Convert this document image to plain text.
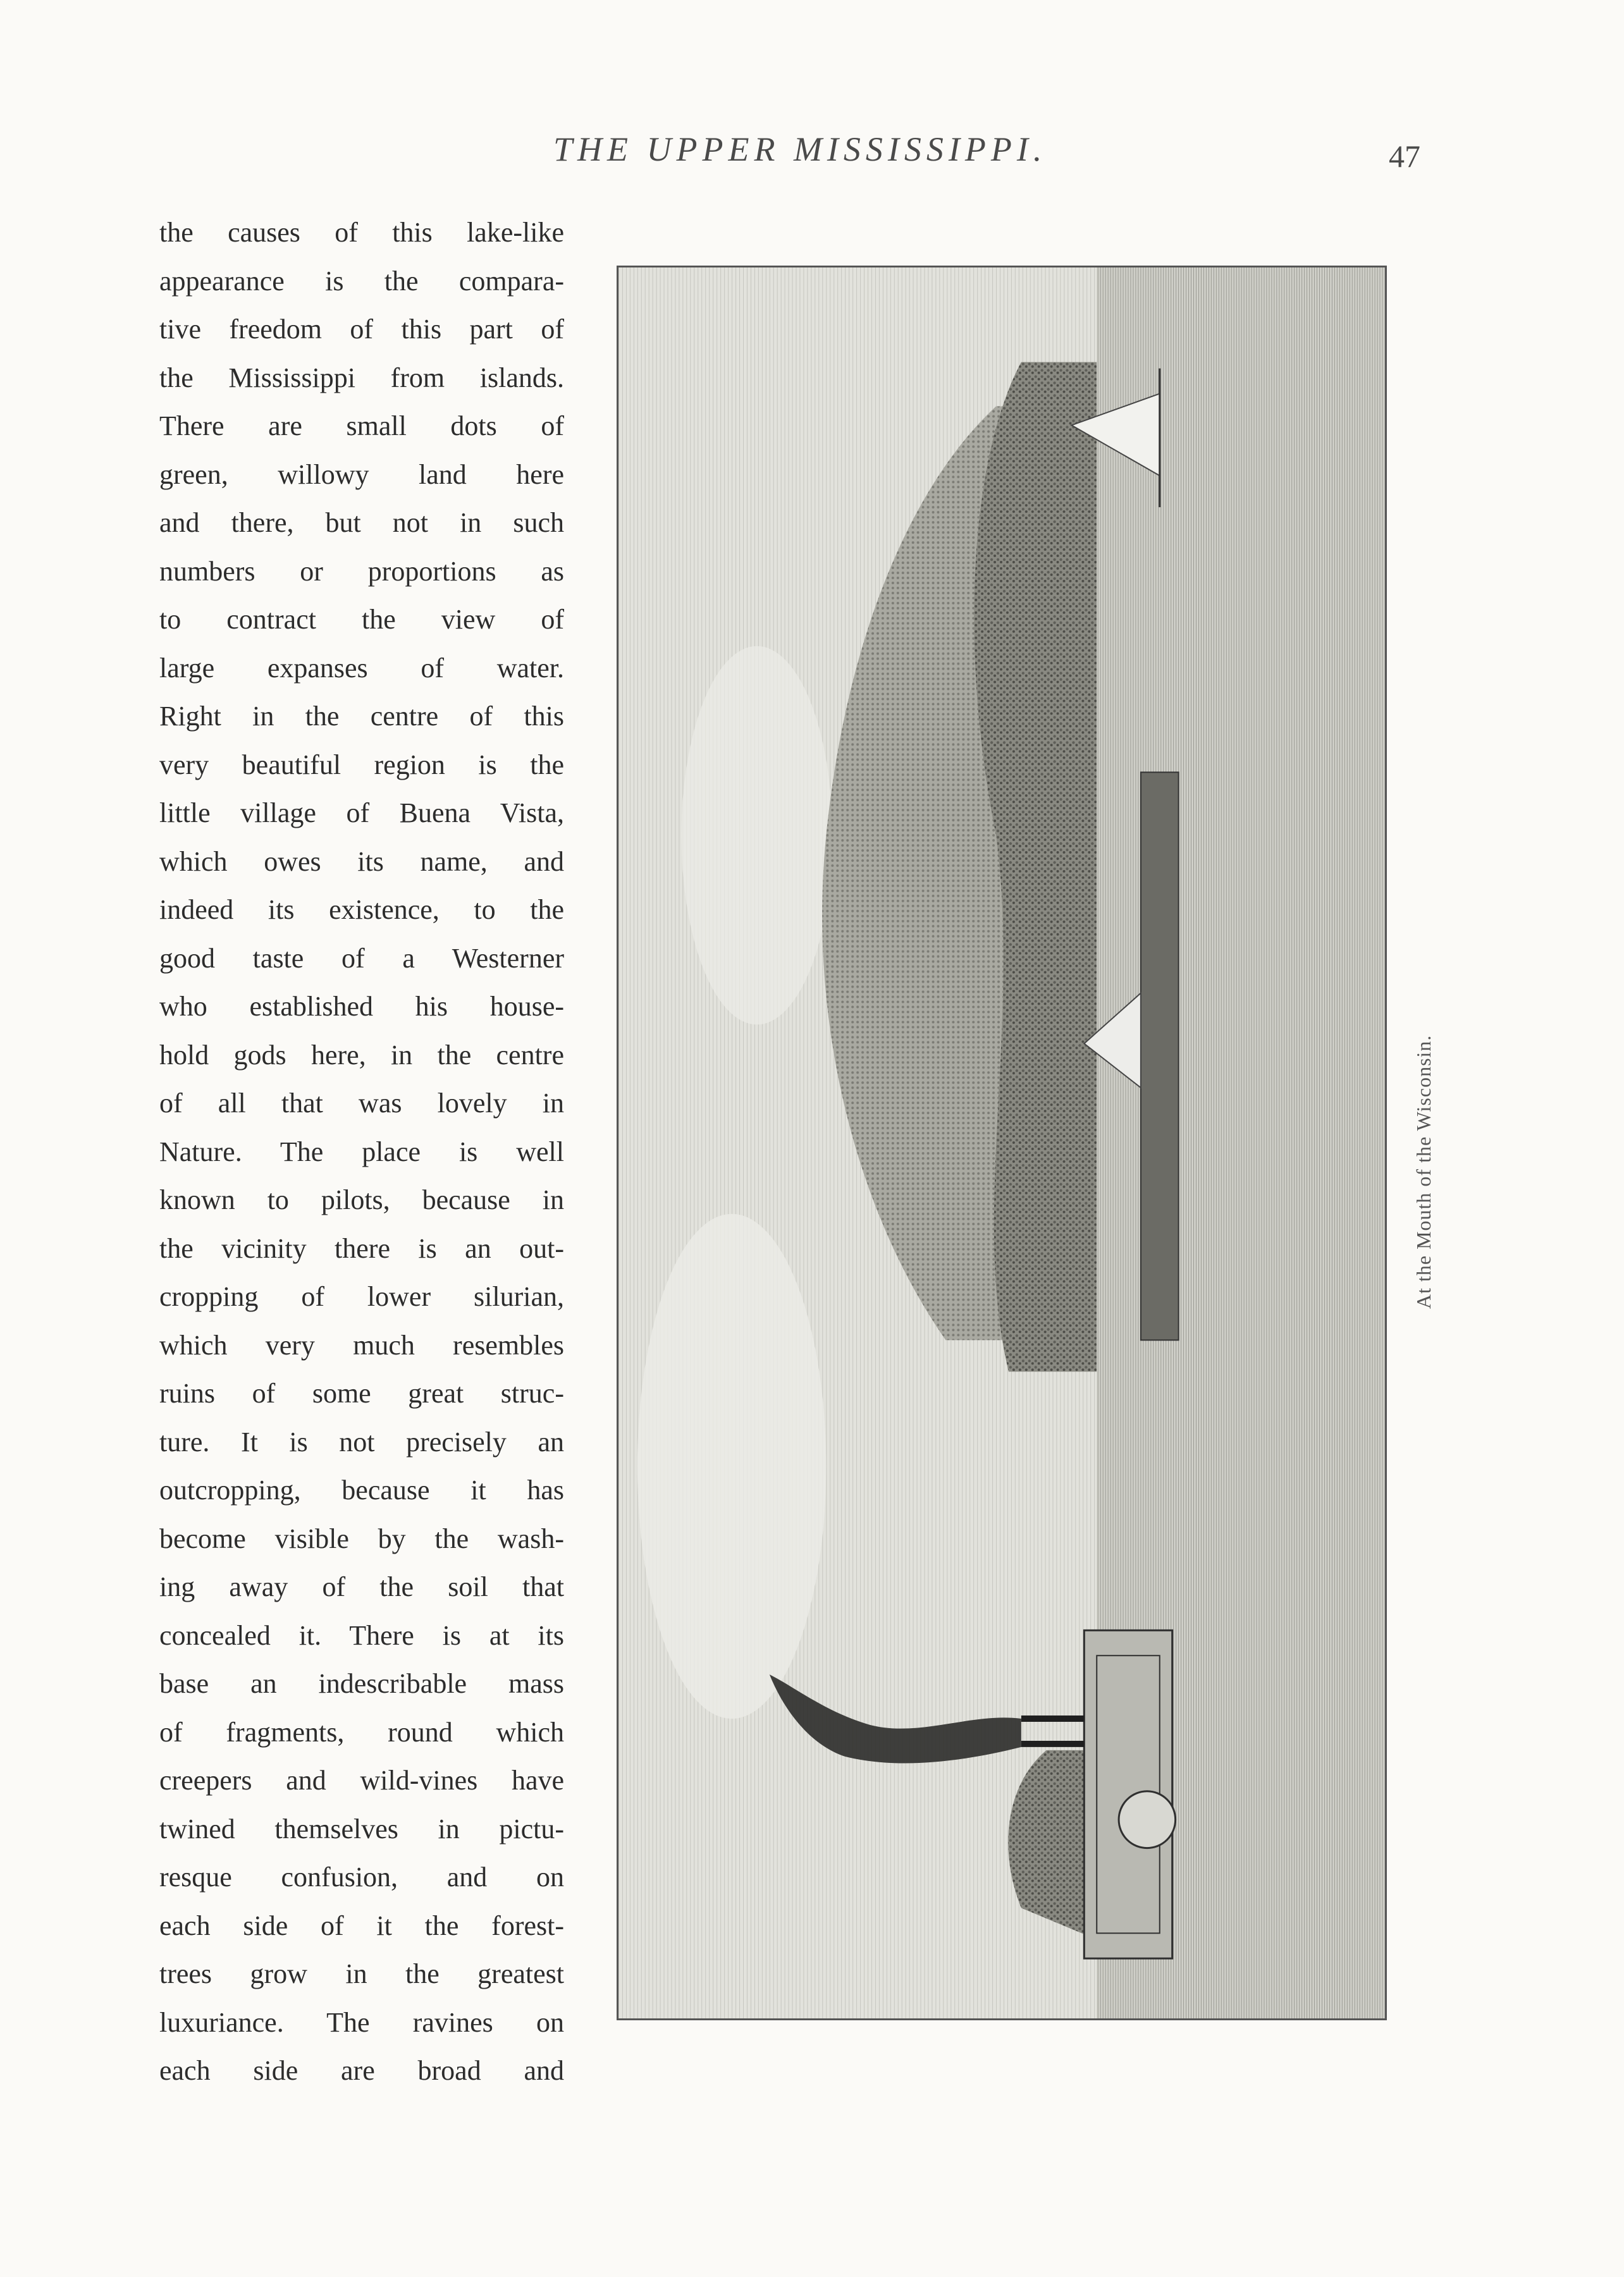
THE UPPER MISSISSIPPI.	47
the causes of this lake-like
appearance is the compara-
tive freedom of this part of
the Mississippi from islands.
There are small dots of
green, willowy land here
and there, but not in such
numbers or proportions as
to contract the view of
large expanses of water.
Right in the centre of this
very beautiful region is the
little village of Buena Vista,
which owes its name, and
indeed its existence, to the
good taste of a Westerner
who established his house-
hold gods here, in the centre
of all that was lovely in
Nature. The place is well
known to pilots, because in
the vicinity there is an out-
cropping of lower silurian,
which very much resembles
ruins of some great struc-
ture. It is not precisely an
outcropping, because it has
become visible by the wash-
ing away of the soil that
concealed it. There is at its
base an indescribable mass
of fragments, round which
creepers and wild-vines have
twined themselves in pictu-
resque confusion, and on
each side of it the forest-
trees grow in the greatest
luxuriance. The ravines on
each side are broad and
At the Mouth of the Wisconsin.
